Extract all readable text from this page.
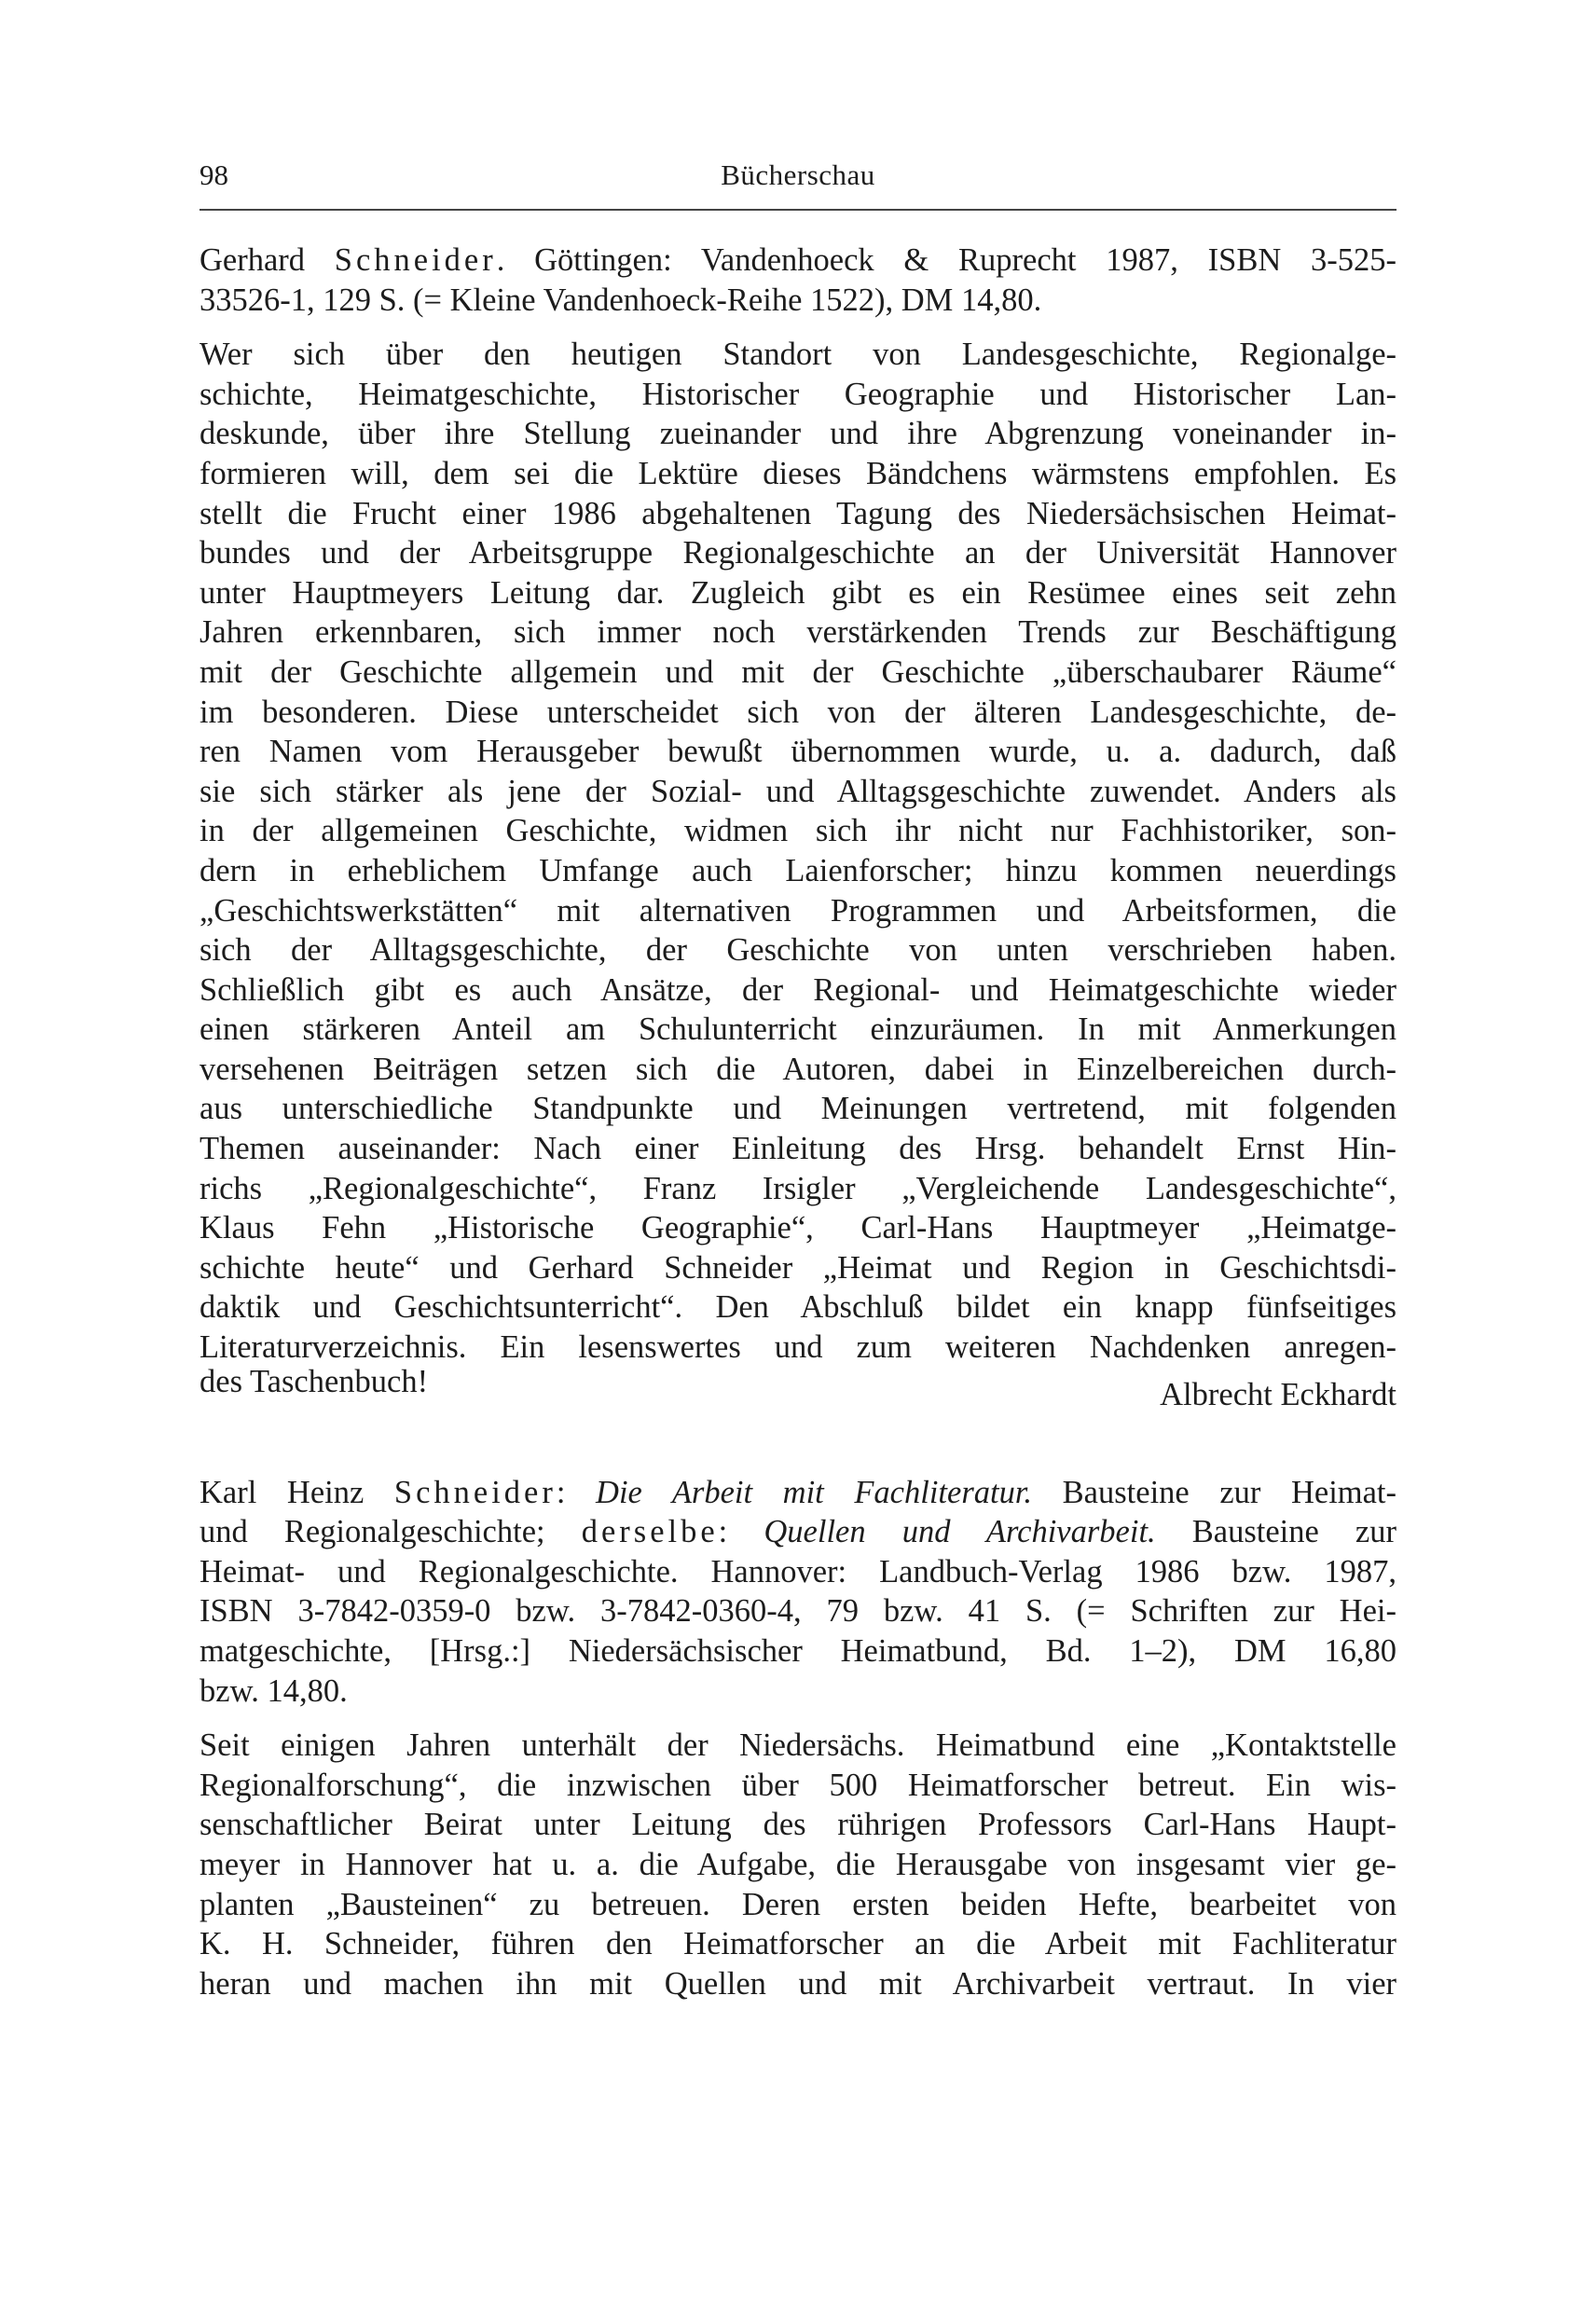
98	Bücherschau

Gerhard Schneider. Göttingen: Vandenhoeck & Ruprecht 1987, ISBN 3-525-
33526-1, 129 S. (= Kleine Vandenhoeck-Reihe 1522), DM 14,80.

Wer sich über den heutigen Standort von Landesgeschichte, Regionalge-
schichte, Heimatgeschichte, Historischer Geographie und Historischer Lan-
deskunde, über ihre Stellung zueinander und ihre Abgrenzung voneinander in-
formieren will, dem sei die Lektüre dieses Bändchens wärmstens empfohlen. Es
stellt die Frucht einer 1986 abgehaltenen Tagung des Niedersächsischen Heimat-
bundes und der Arbeitsgruppe Regionalgeschichte an der Universität Hannover
unter Hauptmeyers Leitung dar. Zugleich gibt es ein Resümee eines seit zehn
Jahren erkennbaren, sich immer noch verstärkenden Trends zur Beschäftigung
mit der Geschichte allgemein und mit der Geschichte „überschaubarer Räume“
im besonderen. Diese unterscheidet sich von der älteren Landesgeschichte, de-
ren Namen vom Herausgeber bewußt übernommen wurde, u. a. dadurch, daß
sie sich stärker als jene der Sozial- und Alltagsgeschichte zuwendet. Anders als
in der allgemeinen Geschichte, widmen sich ihr nicht nur Fachhistoriker, son-
dern in erheblichem Umfange auch Laienforscher; hinzu kommen neuerdings
„Geschichtswerkstätten“ mit alternativen Programmen und Arbeitsformen, die
sich der Alltagsgeschichte, der Geschichte von unten verschrieben haben.
Schließlich gibt es auch Ansätze, der Regional- und Heimatgeschichte wieder
einen stärkeren Anteil am Schulunterricht einzuräumen. In mit Anmerkungen
versehenen Beiträgen setzen sich die Autoren, dabei in Einzelbereichen durch-
aus unterschiedliche Standpunkte und Meinungen vertretend, mit folgenden
Themen auseinander: Nach einer Einleitung des Hrsg. behandelt Ernst Hin-
richs „Regionalgeschichte“, Franz Irsigler „Vergleichende Landesgeschichte“,
Klaus Fehn „Historische Geographie“, Carl-Hans Hauptmeyer „Heimatge-
schichte heute“ und Gerhard Schneider „Heimat und Region in Geschichtsdi-
daktik und Geschichtsunterricht“. Den Abschluß bildet ein knapp fünfseitiges
Literaturverzeichnis. Ein lesenswertes und zum weiteren Nachdenken anregen-
des Taschenbuch!	Albrecht Eckhardt

Karl Heinz Schneider: Die Arbeit mit Fachliteratur. Bausteine zur Heimat-
und Regionalgeschichte; derselbe: Quellen und Archivarbeit. Bausteine zur
Heimat- und Regionalgeschichte. Hannover: Landbuch-Verlag 1986 bzw. 1987,
ISBN 3-7842-0359-0 bzw. 3-7842-0360-4, 79 bzw. 41 S. (= Schriften zur Hei-
matgeschichte, [Hrsg.:] Niedersächsischer Heimatbund, Bd. 1–2), DM 16,80
bzw. 14,80.

Seit einigen Jahren unterhält der Niedersächs. Heimatbund eine „Kontaktstelle
Regionalforschung“, die inzwischen über 500 Heimatforscher betreut. Ein wis-
senschaftlicher Beirat unter Leitung des rührigen Professors Carl-Hans Haupt-
meyer in Hannover hat u. a. die Aufgabe, die Herausgabe von insgesamt vier ge-
planten „Bausteinen“ zu betreuen. Deren ersten beiden Hefte, bearbeitet von
K. H. Schneider, führen den Heimatforscher an die Arbeit mit Fachliteratur
heran und machen ihn mit Quellen und mit Archivarbeit vertraut. In vier
